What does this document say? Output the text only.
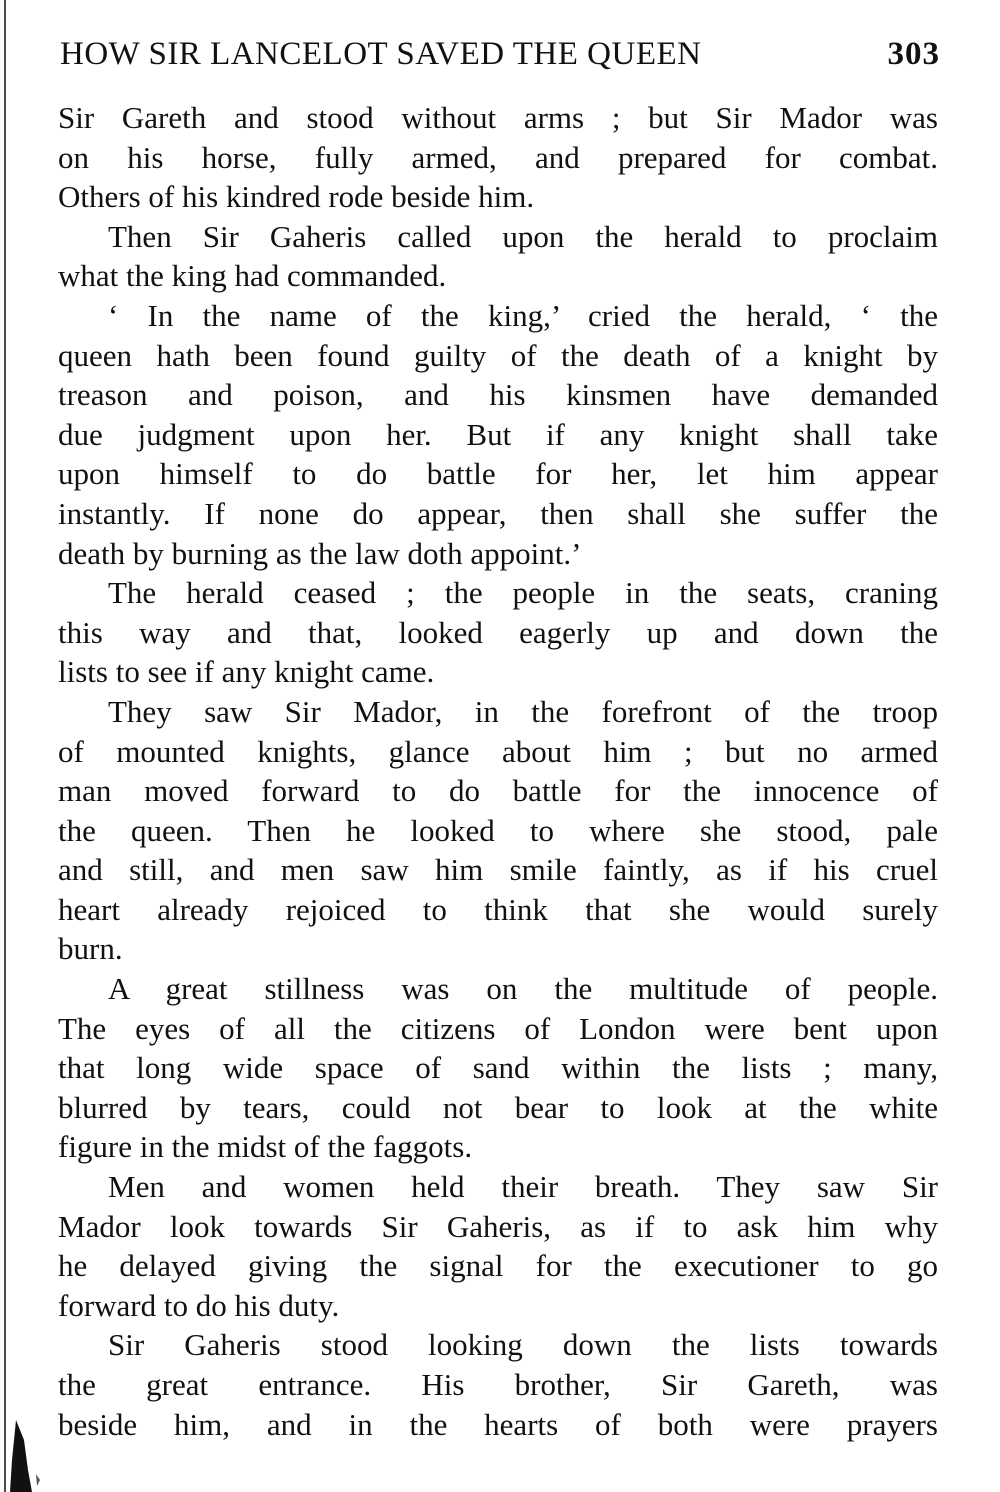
HOW SIR LANCELOT SAVED THE QUEEN	303
Sir Gareth and stood without arms ; but Sir Mador was
on his horse, fully armed, and prepared for combat.
Others of his kindred rode beside him.
Then Sir Gaheris called upon the herald to proclaim
what the king had commanded.
‘ In the name of the king,’ cried the herald, ‘ the
queen hath been found guilty of the death of a knight by
treason and poison, and his kinsmen have demanded
due judgment upon her. But if any knight shall take
upon himself to do battle for her, let him appear
instantly. If none do appear, then shall she suffer the
death by burning as the law doth appoint.’
The herald ceased ; the people in the seats, craning
this way and that, looked eagerly up and down the
lists to see if any knight came.
They saw Sir Mador, in the forefront of the troop
of mounted knights, glance about him ; but no armed
man moved forward to do battle for the innocence of
the queen. Then he looked to where she stood, pale
and still, and men saw him smile faintly, as if his cruel
heart already rejoiced to think that she would surely
burn.
A great stillness was on the multitude of people.
The eyes of all the citizens of London were bent upon
that long wide space of sand within the lists ; many,
blurred by tears, could not bear to look at the white
figure in the midst of the faggots.
Men and women held their breath. They saw Sir
Mador look towards Sir Gaheris, as if to ask him why
he delayed giving the signal for the executioner to go
forward to do his duty.
Sir Gaheris stood looking down the lists towards
the great entrance. His brother, Sir Gareth, was
beside him, and in the hearts of both were prayers
